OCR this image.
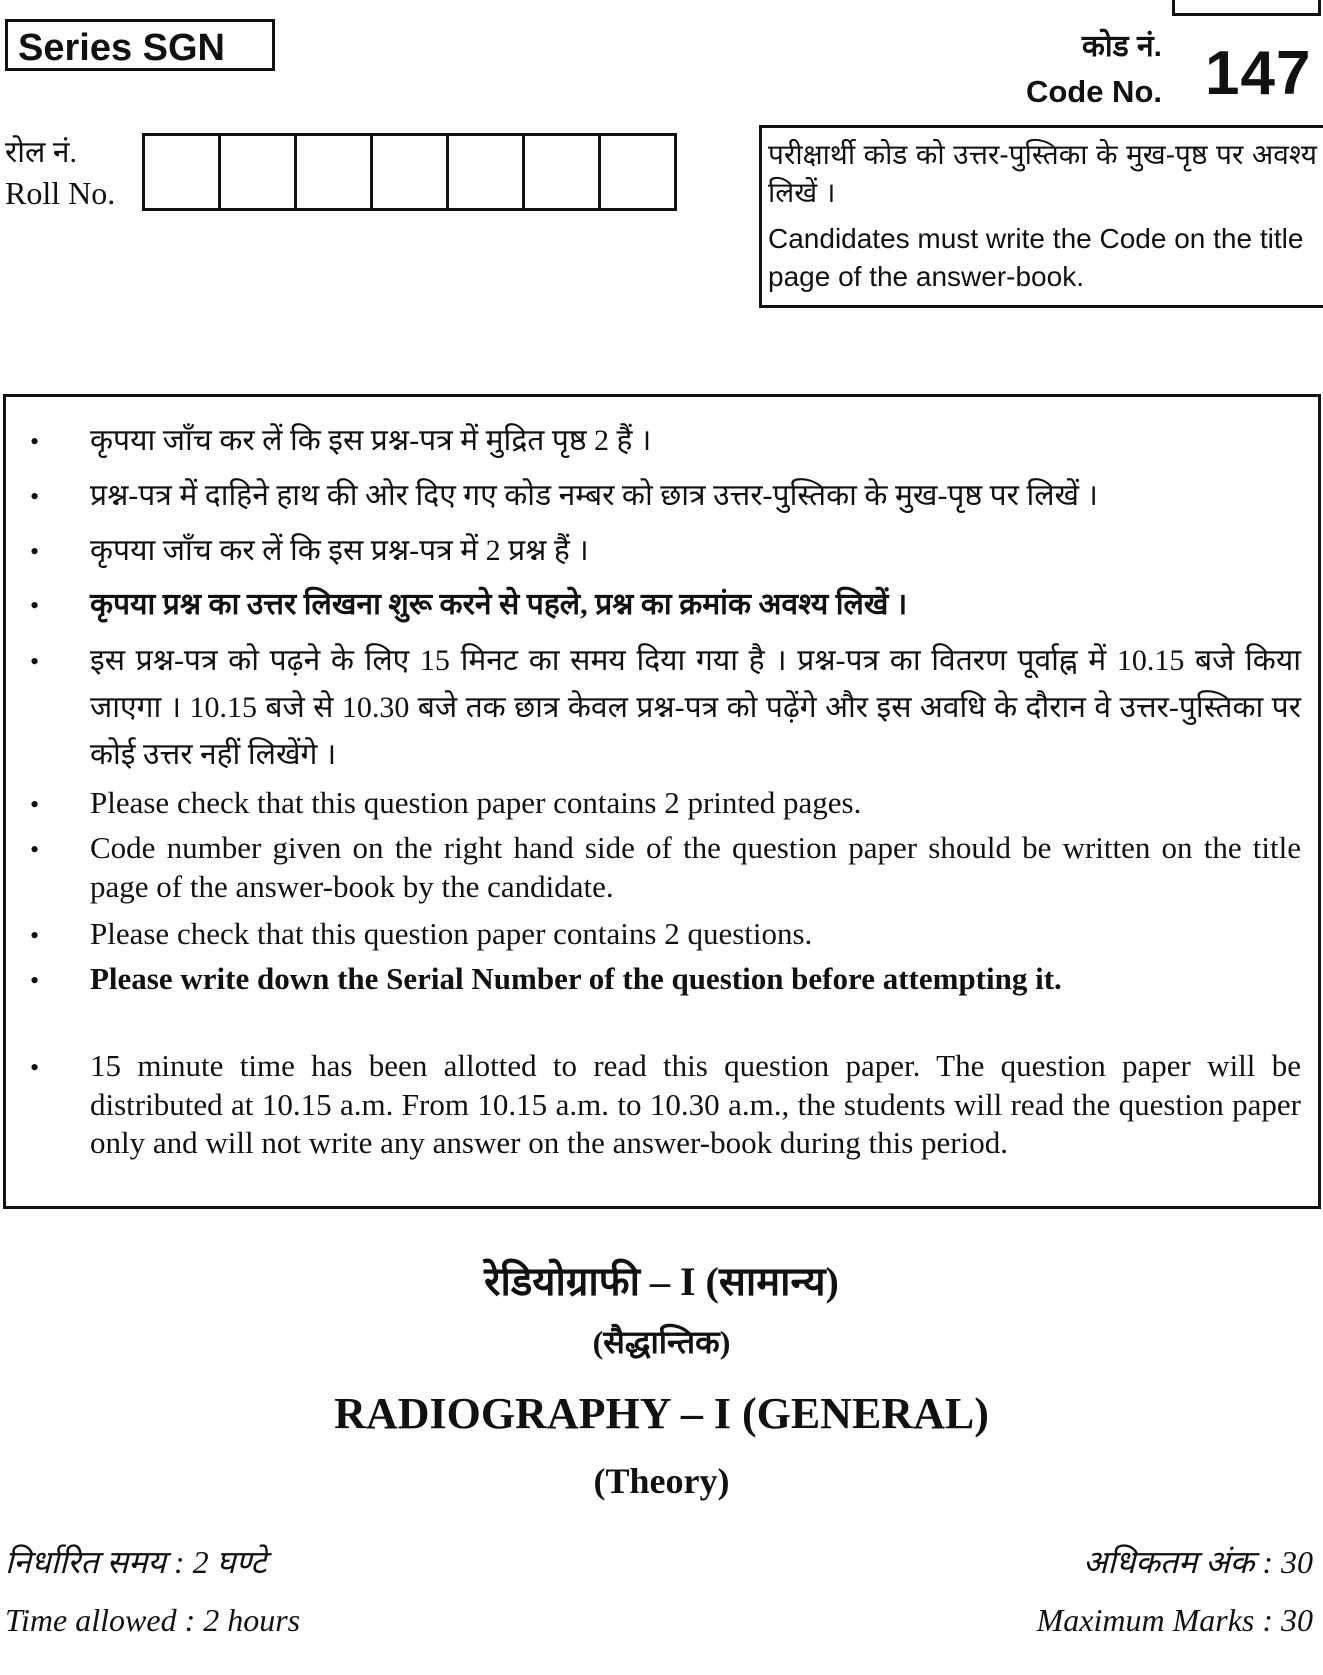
Series SGN	कोड नं.
Code No. 147
रोल नं.
Roll No.
परीक्षार्थी कोड को उत्तर-पुस्तिका के मुख-पृष्ठ पर अवश्य लिखें ।
Candidates must write the Code on the title page of the answer-book.
• कृपया जाँच कर लें कि इस प्रश्न-पत्र में मुद्रित पृष्ठ 2 हैं ।
• प्रश्न-पत्र में दाहिने हाथ की ओर दिए गए कोड नम्बर को छात्र उत्तर-पुस्तिका के मुख-पृष्ठ पर लिखें ।
• कृपया जाँच कर लें कि इस प्रश्न-पत्र में 2 प्रश्न हैं ।
• कृपया प्रश्न का उत्तर लिखना शुरू करने से पहले, प्रश्न का क्रमांक अवश्य लिखें ।
• इस प्रश्न-पत्र को पढ़ने के लिए 15 मिनट का समय दिया गया है । प्रश्न-पत्र का वितरण पूर्वाह्न में 10.15 बजे किया जाएगा । 10.15 बजे से 10.30 बजे तक छात्र केवल प्रश्न-पत्र को पढ़ेंगे और इस अवधि के दौरान वे उत्तर-पुस्तिका पर कोई उत्तर नहीं लिखेंगे ।
• Please check that this question paper contains 2 printed pages.
• Code number given on the right hand side of the question paper should be written on the title page of the answer-book by the candidate.
• Please check that this question paper contains 2 questions.
• Please write down the Serial Number of the question before attempting it.
• 15 minute time has been allotted to read this question paper. The question paper will be distributed at 10.15 a.m. From 10.15 a.m. to 10.30 a.m., the students will read the question paper only and will not write any answer on the answer-book during this period.
रेडियोग्राफी – I (सामान्य)
(सैद्धान्तिक)
RADIOGRAPHY – I (GENERAL)
(Theory)
निर्धारित समय : 2 घण्टे	अधिकतम अंक : 30
Time allowed : 2 hours	Maximum Marks : 30
